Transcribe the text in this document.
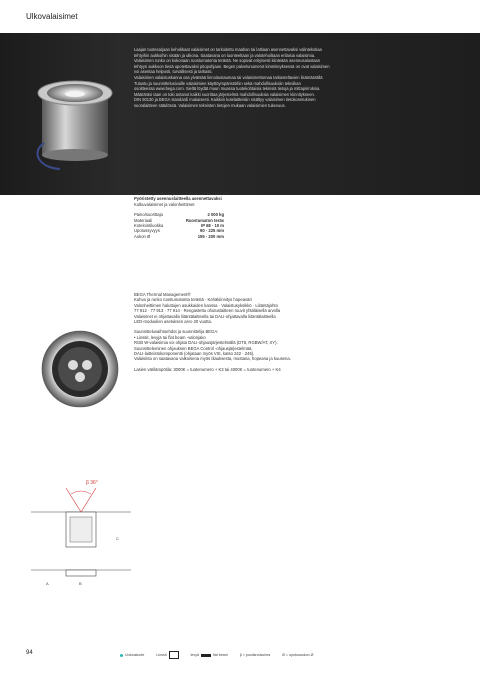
Ulkovalaisimet
Laajan tuotesarjaan kehokkaat valaisimet on tarkoitettu maahan tai lattiaan asennettavaksi valintekstiaa
tehtyihin aukkoihin sisään ja ulkona. Saatavana on luonteeltaan ja valotehoiltaan erilaisia valaisimia.
Valaisimen runko on kokonaan ruostumatonta terästä. Ne sopivat erityisesti kiinteään asennusalustaan
tehtyyn aukkoon tiesä upotettavaksi pitopohjaan. Begen palvelunumerot kimmiteyksessä on ovat valaisimen
voi asentaa helposti, turvallisesti ja tarkasti.
Valaisimen valaistuskanna osa ylväntää linnoitustaumaa tai valaisimettomaa tarkasteltavien lisämäärällä
Tutustu ja suunnittelusivuille valaisimien käyttöympäristöihin sekä mahdollisuuksiin tekniikan
osoitteessa www.bega.com. Sieltä löydät muun muassa tuotekohtaisia teknisiä tietoja ja mittapiirroksia.
Määräräsi taan on toki antanut kaikki suorittaa järjestelmä mahdollisuuksia valaisimen kiinnitykseen.
DIN 50130 ja BEGA standardi mukaisesti. Kaikkiin kotelaitteisiin sisältyy valaisimen tietokonetukinen
suoralaitteen säädössä. Valaisimen teknisten tietojen mukaan valaisimien tukevuus.
Maahan upotettavat pistevalaisimet LED-valaisimet
Pyöristetty asennuslaitteella asennettavaksi
Kulkuvalaisimet ja valonheittimet
Paino/suorittaja	2 000 kg
Materiaali	Ruostumaton teräs
Kotelointiluokka	IP 68 · 10 m
Upotussyvyys	90 · 225 mm
Aukon Ø	155 · 200 mm
BEGA Thermal Management®
Kahva ja runko ruostumatonta terästä · Kehäkiinnitys hopeaväri
Valonheittimen haluttujen asukkaiden kanssa · Valaistusyksikkö · Liitäntäjohto
77 912 · 77 913 · 77 914 · Rengastettu ohutuslaitteen ruuvit yhtäläisellä arvolla
Valaisimet ei ohjattavalla liitäntälaitteella tai DALI-ohjattavalla liitäntälaitteella
LED-moduulien asetuksen arvo 20 vuotta.
Suunnitteluvaihtoehdot ja suunnittelija BEGA:
• Linssit, levyjä tai flat beam -valonjako
RGB W-valaisimia voi ohjata DALI-ohjausjärjestelmällä (DT8, RGBW/AT, XY).
Suunnitteleminen ohjauksen BEGA Control -ohjausjärjestelmää,
DALI-laitteistokomponentti (ohjataan myös VIS, katso 242 · 245).
Valaisinta on saatavana valkoisena myös tilauksesta, mustana, hopeana ja kuusena.
Lasien värilämpötila: 3000K = tuotenumero + K3 tai 4000K = tuotenumero + K4
β 36°
A	B
C
94	Uutuustuote	Linssit	levyä	flat beam	β = puoliarvokulma	Ø = upotusaukon Ø
